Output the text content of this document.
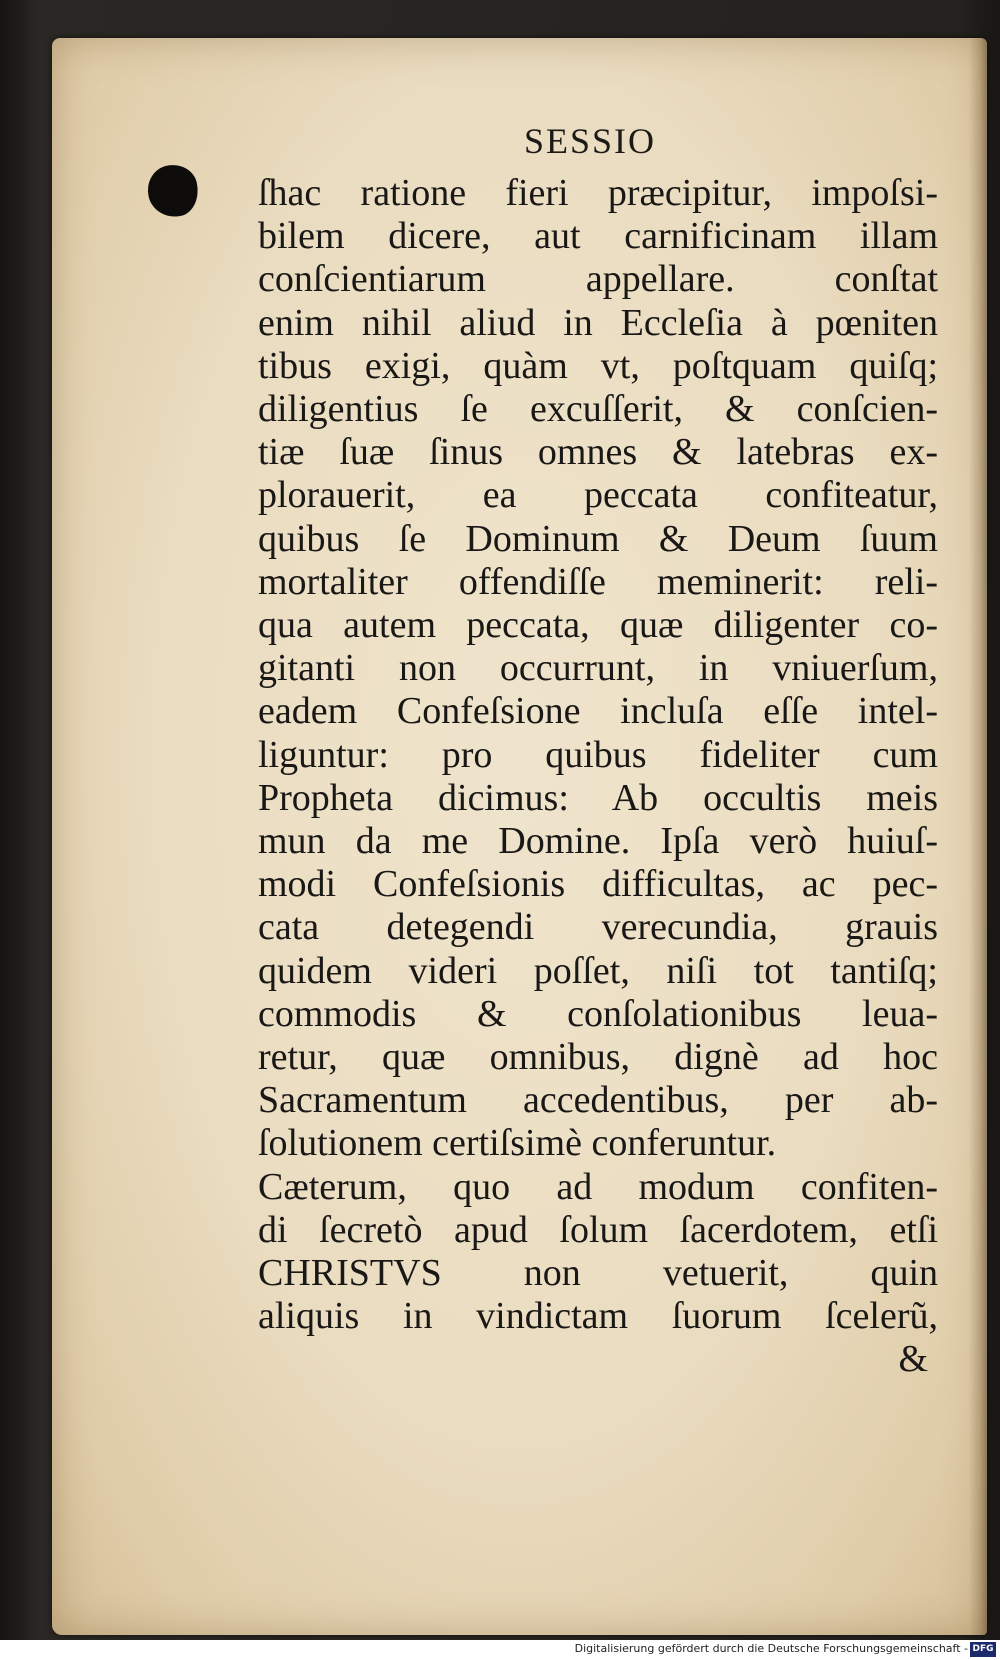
SESSIO
ſhac ratione fieri præcipitur, impoſsi-
bilem dicere, aut carnificinam illam
conſcientiarum appellare. conſtat
enim nihil aliud in Eccleſia à pœniten
tibus exigi, quàm vt, poſtquam quiſq;
diligentius ſe excuſſerit, & conſcien-
tiæ ſuæ ſinus omnes & latebras ex-
plorauerit, ea peccata confiteatur,
quibus ſe Dominum & Deum ſuum
mortaliter offendiſſe meminerit: reli-
qua autem peccata, quæ diligenter co-
gitanti non occurrunt, in vniuerſum,
eadem Confeſsione incluſa eſſe intel-
liguntur: pro quibus fideliter cum
Propheta dicimus: Ab occultis meis
mun da me Domine. Ipſa verò huiuſ-
modi Confeſsionis difficultas, ac pec-
cata detegendi verecundia, grauis
quidem videri poſſet, niſi tot tantiſq;
commodis & conſolationibus leua-
retur, quæ omnibus, dignè ad hoc
Sacramentum accedentibus, per ab-
ſolutionem certiſsimè conferuntur.
Cæterum, quo ad modum confiten-
di ſecretò apud ſolum ſacerdotem, etſi
CHRISTVS non vetuerit, quin
aliquis in vindictam ſuorum ſcelerũ,
&
Digitalisierung gefördert durch die Deutsche Forschungsgemeinschaft - DFG
